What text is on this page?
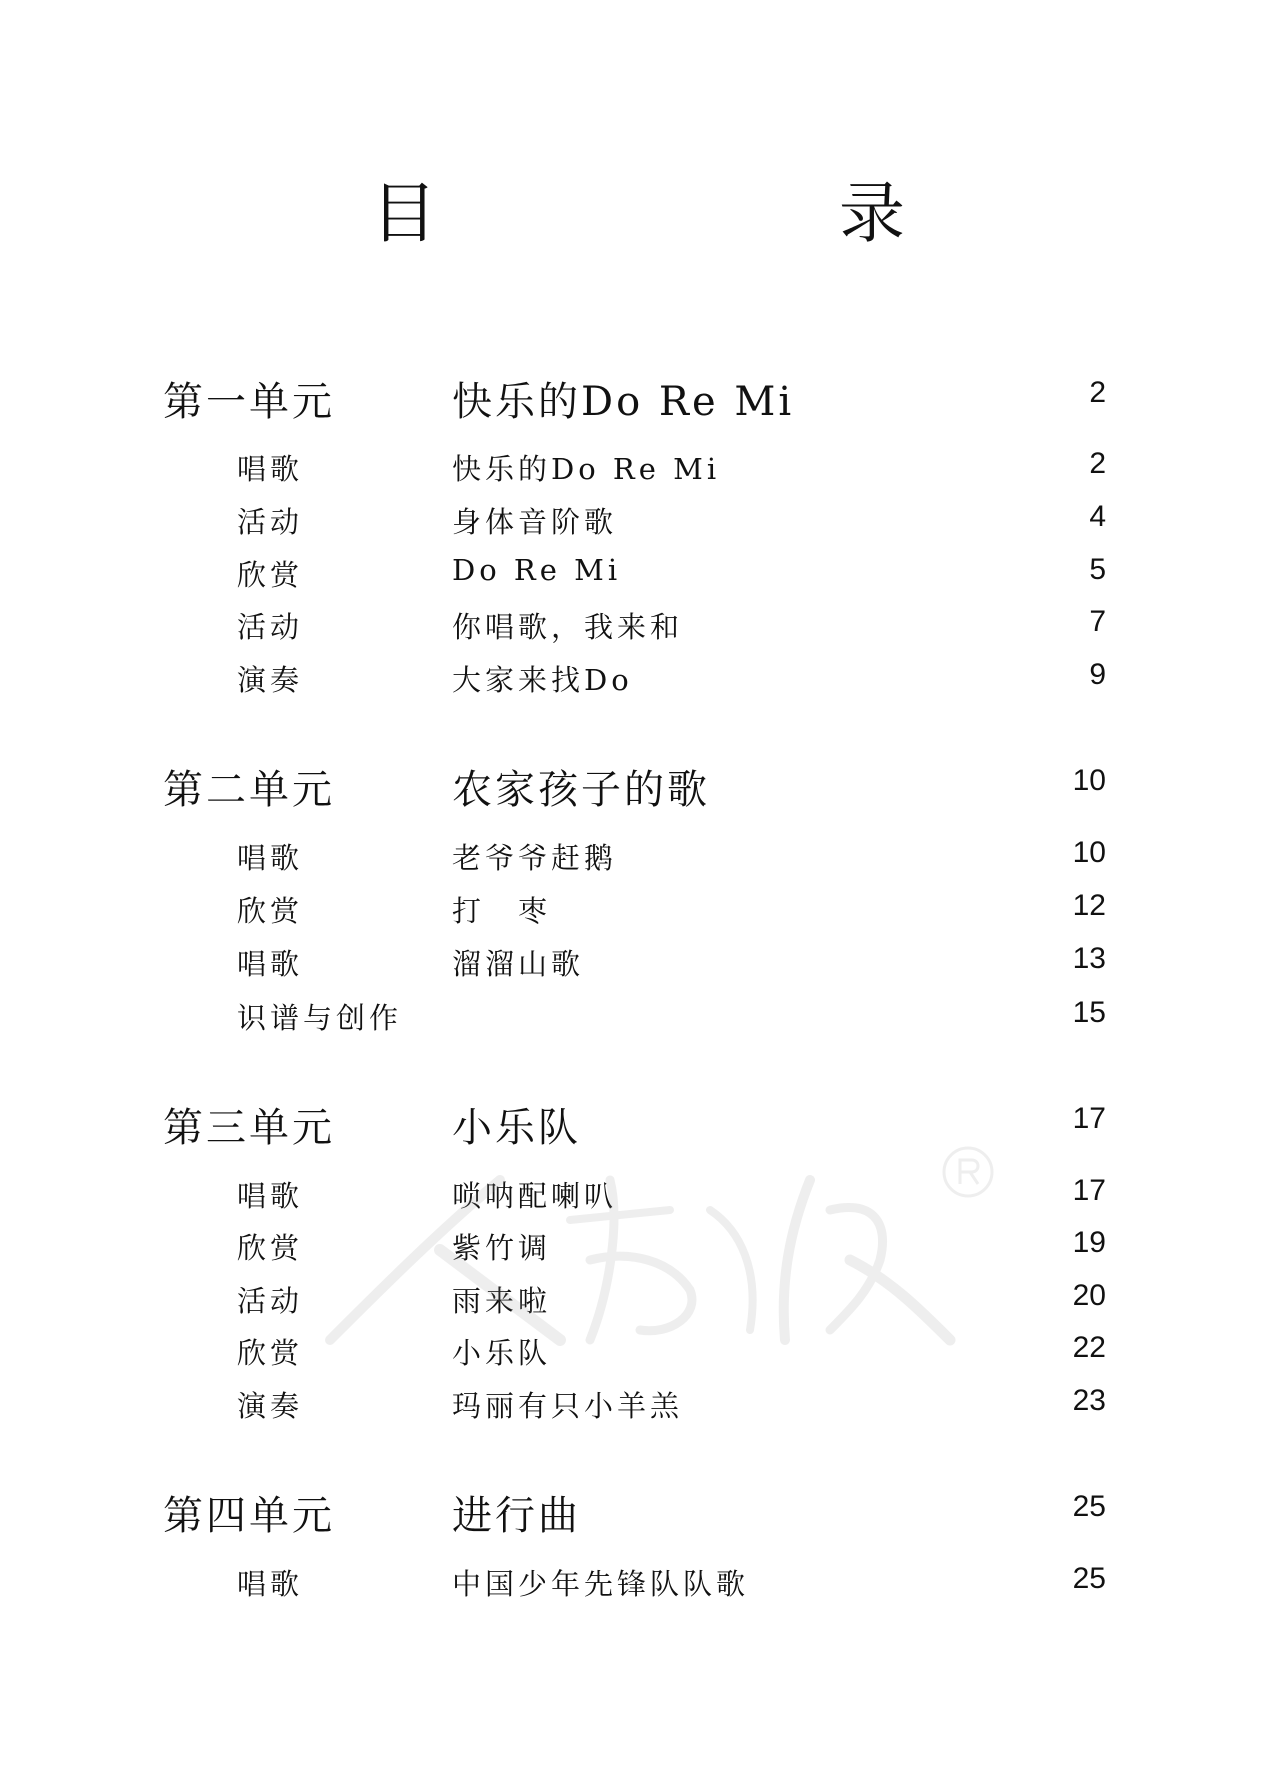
目　　录
第一单元	快乐的Do Re Mi	2
唱歌	快乐的Do Re Mi	2
活动	身体音阶歌	4
欣赏	Do Re Mi	5
活动	你唱歌，我来和	7
演奏	大家来找Do	9
第二单元	农家孩子的歌	10
唱歌	老爷爷赶鹅	10
欣赏	打　枣	12
唱歌	溜溜山歌	13
识谱与创作	15
第三单元	小乐队	17
唱歌	唢呐配喇叭	17
欣赏	紫竹调	19
活动	雨来啦	20
欣赏	小乐队	22
演奏	玛丽有只小羊羔	23
第四单元	进行曲	25
唱歌	中国少年先锋队队歌	25
